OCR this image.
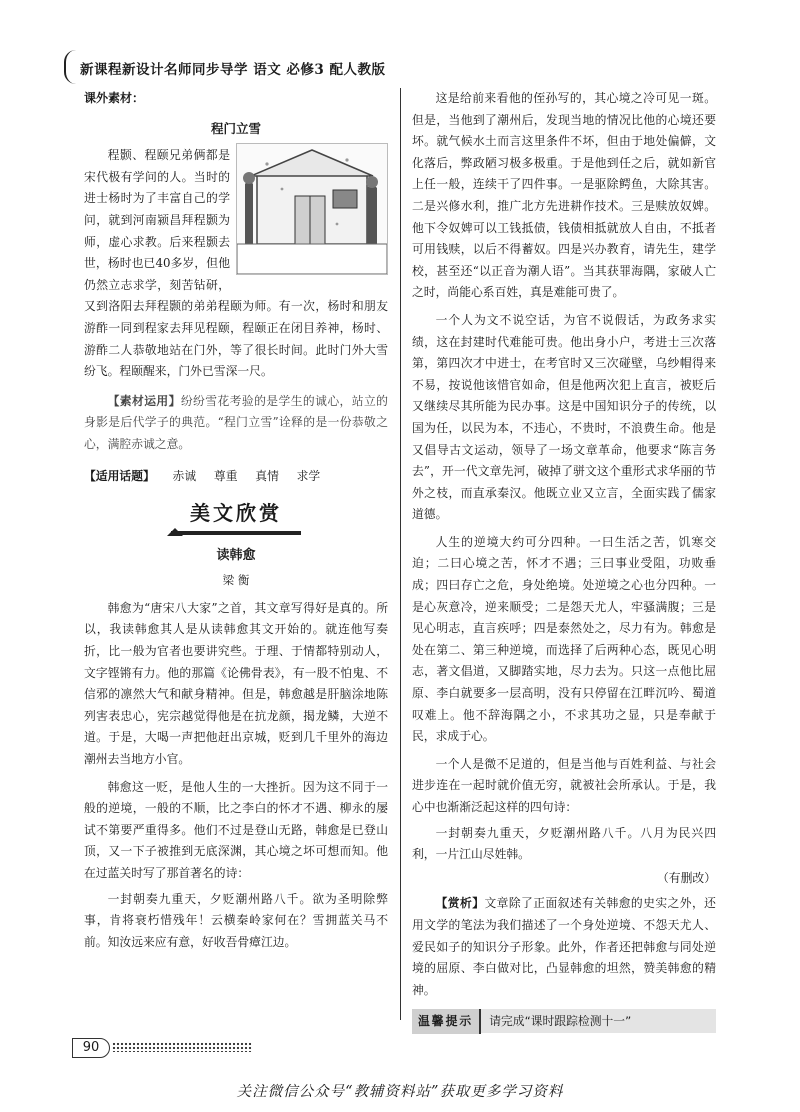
新课程新设计名师同步导学 语文 必修3 配人教版
课外素材：
程门立雪

程颢、程颐兄弟俩都是宋代极有学问的人。当时的进士杨时为了丰富自己的学问，就到河南颍昌拜程颢为师，虚心求教。后来程颢去世，杨时也已40多岁，但他仍然立志求学，刻苦钻研，又到洛阳去拜程颢的弟弟程颐为师。有一次，杨时和朋友游酢一同到程家去拜见程颐，程颐正在闭目养神，杨时、游酢二人恭敬地站在门外，等了很长时间。此时门外大雪纷飞。程颐醒来，门外已雪深一尺。

【素材运用】纷纷雪花考验的是学生的诚心，站立的身影是后代学子的典范。“程门立雪”诠释的是一份恭敬之心，满腔赤诚之意。

【适用话题】 赤诚 尊重 真情 求学
美文欣赏
读韩愈
梁 衡

韩愈为“唐宋八大家”之首，其文章写得好是真的。所以，我读韩愈其人是从读韩愈其文开始的。就连他写奏折，比一般为官者也要讲究些。于理、于情都特别动人，文字铿锵有力。他的那篇《论佛骨表》，有一股不怕鬼、不信邪的凛然大气和献身精神。但是，韩愈越是肝脑涂地陈列害表忠心，宪宗越觉得他是在抗龙颜，揭龙鳞，大逆不道。于是，大喝一声把他赶出京城，贬到几千里外的海边潮州去当地方小官。

韩愈这一贬，是他人生的一大挫折。因为这不同于一般的逆境，一般的不顺，比之李白的怀才不遇、柳永的屡试不第要严重得多。他们不过是登山无路，韩愈是已登山顶，又一下子被推到无底深渊，其心境之坏可想而知。他在过蓝关时写了那首著名的诗：

一封朝奏九重天，夕贬潮州路八千。欲为圣明除弊事，肯将衰朽惜残年！云横秦岭家何在？雪拥蓝关马不前。知汝远来应有意，好收吾骨瘴江边。

这是给前来看他的侄孙写的，其心境之冷可见一斑。但是，当他到了潮州后，发现当地的情况比他的心境还要坏。就气候水土而言这里条件不坏，但由于地处偏僻，文化落后，弊政陋习极多极重。于是他到任之后，就如新官上任一般，连续干了四件事。一是驱除鳄鱼，大除其害。二是兴修水利，推广北方先进耕作技术。三是赎放奴婢。他下令奴婢可以工钱抵债，钱债相抵就放人自由，不抵者可用钱赎，以后不得蓄奴。四是兴办教育，请先生，建学校，甚至还“以正音为潮人语”。当其获罪海隅，家破人亡之时，尚能心系百姓，真是难能可贵了。

一个人为文不说空话，为官不说假话，为政务求实绩，这在封建时代难能可贵。他出身小户，考进士三次落第，第四次才中进士，在考官时又三次碰壁，乌纱帽得来不易，按说他该惜官如命，但是他两次犯上直言，被贬后又继续尽其所能为民办事。这是中国知识分子的传统，以国为任，以民为本，不违心，不贵时，不浪费生命。他是又倡导古文运动，领导了一场文章革命，他要求“陈言务去”，开一代文章先河，破掉了骈文这个重形式求华丽的节外之枝，而直承秦汉。他既立业又立言，全面实践了儒家道德。

人生的逆境大约可分四种。一曰生活之苦，饥寒交迫；二曰心境之苦，怀才不遇；三曰事业受阻，功败垂成；四曰存亡之危，身处绝境。处逆境之心也分四种。一是心灰意冷，逆来顺受；二是怨天尤人，牢骚满腹；三是见心明志，直言疾呼；四是泰然处之，尽力有为。韩愈是处在第二、第三种逆境，而选择了后两种心态，既见心明志，著文倡道，又脚踏实地，尽力去为。只这一点他比屈原、李白就要多一层高明，没有只停留在江畔沉吟、蜀道叹难上。他不辞海隅之小，不求其功之显，只是奉献于民，求成于心。

一个人是微不足道的，但是当他与百姓利益、与社会进步连在一起时就价值无穷，就被社会所承认。于是，我心中也渐渐泛起这样的四句诗：

一封朝奏九重天，夕贬潮州路八千。八月为民兴四利，一片江山尽姓韩。

（有删改）

【赏析】文章除了正面叙述有关韩愈的史实之外，还用文学的笔法为我们描述了一个身处逆境、不怨天尤人、爱民如子的知识分子形象。此外，作者还把韩愈与同处逆境的屈原、李白做对比，凸显韩愈的坦然，赞美韩愈的精神。

温馨提示	请完成“课时跟踪检测十一”
90
关注微信公众号“教辅资料站”获取更多学习资料
